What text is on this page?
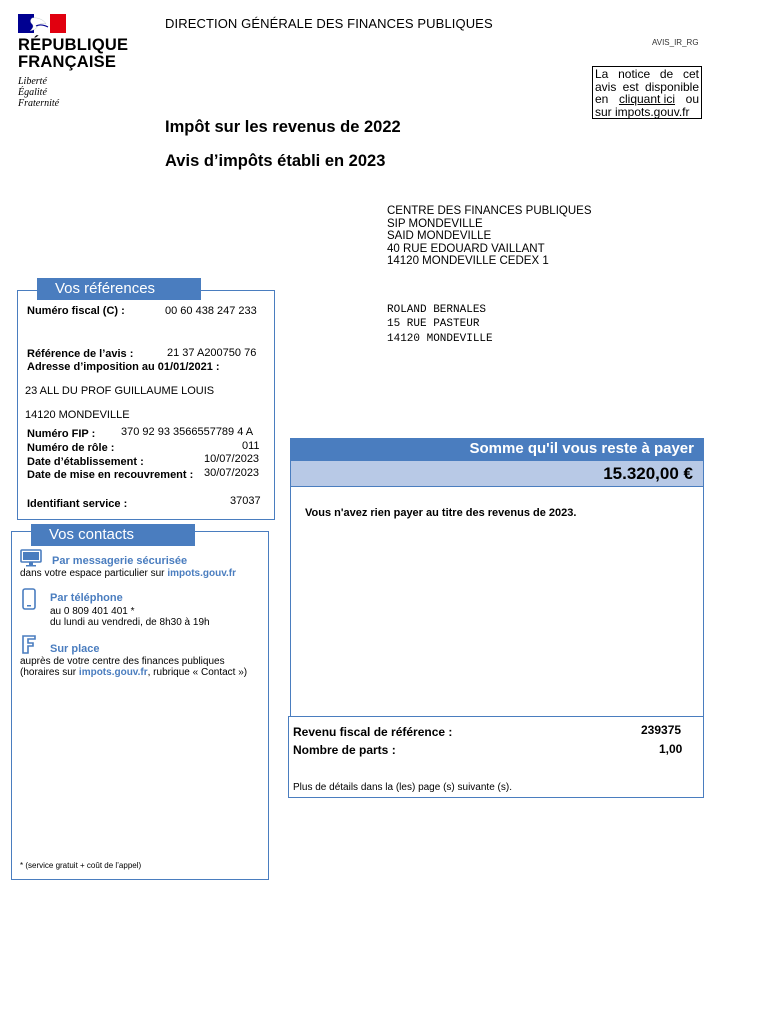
RÉPUBLIQUE
FRANÇAISE
Liberté
Égalité
Fraternité
DIRECTION GÉNÉRALE DES FINANCES PUBLIQUES
AVIS_IR_RG
La notice de cet
avis est disponible
en cliquant ici ou
sur impots.gouv.fr
Impôt sur les revenus de 2022
Avis d’impôts établi en 2023
CENTRE DES FINANCES PUBLIQUES
SIP MONDEVILLE
SAID MONDEVILLE
40 RUE EDOUARD VAILLANT
14120 MONDEVILLE CEDEX 1
ROLAND BERNALES
15 RUE PASTEUR
14120 MONDEVILLE
Vos références
Numéro fiscal (C) :	00 60 438 247 233
Référence de l’avis :	21 37 A200750 76
Adresse d’imposition au 01/01/2021 :
23 ALL DU PROF GUILLAUME LOUIS
14120 MONDEVILLE
Numéro FIP : 370 92 93 3566557789 4 A
Numéro de rôle :	011
Date d’établissement :	10/07/2023
Date de mise en recouvrement : 30/07/2023
Identifiant service :	37037
Vos contacts
Par messagerie sécurisée
dans votre espace particulier sur impots.gouv.fr
Par téléphone
au 0 809 401 401 *
du lundi au vendredi, de 8h30 à 19h
Sur place
auprès de votre centre des finances publiques
(horaires sur impots.gouv.fr, rubrique « Contact »)
* (service gratuit + coût de l’appel)
Somme qu'il vous reste à payer
15.320,00 €
Vous n'avez rien payer au titre des revenus de 2023.
Revenu fiscal de référence :	239375
Nombre de parts :	1,00
Plus de détails dans la (les) page (s) suivante (s).
